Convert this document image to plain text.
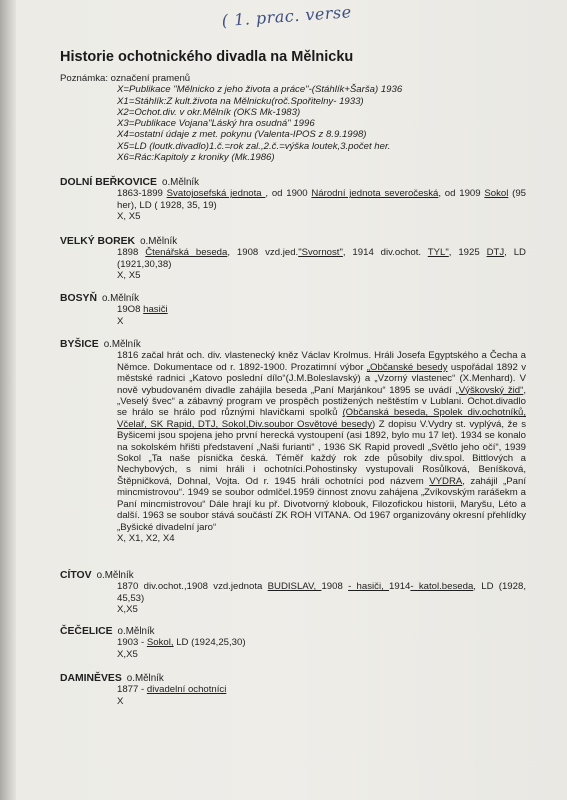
( 1. prac. verse
Historie ochotnického divadla na Mělnicku
Poznámka: označení pramenů
X=Publikace "Mělnicko z jeho života a práce"-(Stáhlík+Šarša) 1936
X1=Stáhlík:Z kult.života na Mělnicku(roč.Spořitelny- 1933)
X2=Ochot.div. v okr.Mělník (OKS Mk-1983)
X3=Publikace Vojana"Láský hra osudná" 1996
X4=ostatní údaje z met. pokynu (Valenta-IPOS z 8.9.1998)
X5=LD (loutk.divadlo)1.č.=rok zal.,2.č.=výška loutek,3.počet her.
X6=Rác:Kapitoly z kroniky (Mk.1986)
DOLNÍ BEŘKOVICE o.Mělník
1863-1899 Svatojosefská jednota , od 1900 Národní jednota severočeská, od 1909 Sokol (95 her), LD ( 1928, 35, 19)
X, X5
VELKÝ BOREK o.Mělník
1898 Čtenářská beseda, 1908 vzd.jed."Svornost", 1914 div.ochot. TYL", 1925 DTJ, LD (1921,30,38)
X, X5
BOSYŇ o.Mělník
19O8 hasiči
X
BYŠICE o.Mělník
1816 začal hrát och. div. vlastenecký kněz Václav Krolmus. Hráli Josefa Egyptského a Čecha a Němce. Dokumentace od r. 1892-1900. Prozatimní výbor „Občanské besedy uspořádal 1892 v městské radnici „Katovo poslední dílo“(J.M.Boleslavský) a „Vzorný vlastenec“ (X.Menhard). V nově vybudovaném divadle zahájila beseda „Paní Marjánkou“ 1895 se uvádí „Výškovský žid“, „Veselý švec“ a zábavný program ve prospěch postižených neštěstím v Lublani. Ochot.divadlo se hrálo se hrálo pod různými hlavičkami spolků (Občanská beseda, Spolek div.ochotníků, Včelař, SK Rapid, DTJ, Sokol,Div.soubor Osvětové besedy) Z dopisu V.Vydry st. vyplývá, že s Byšicemi jsou spojena jeho první herecká vystoupení (asi 1892, bylo mu 17 let). 1934 se konalo na sokolském hřišti představení „Naši furianti“ , 1936 SK Rapid provedl „Světlo jeho očí“, 1939 Sokol „Ta naše písnička česká. Téměř každý rok zde působily div.spol. Bittlových a Nechybových, s nimi hráli i ochotníci.Pohostinsky vystupovali Rosůlková, Beníšková, Štěpničková, Dohnal, Vojta. Od r. 1945 hráli ochotníci pod názvem VYDRA, zahájil „Paní mincmistrovou“. 1949 se soubor odmlčel.1959 činnost znovu zahájena „Zvíkovským rarášekm a Paní mincmistrovou“ Dále hrají ku př. Divotvorný klobouk, Filozofickou historii, Maryšu, Léto a další. 1963 se soubor stává součástí ZK ROH VITANA. Od 1967 organizovány okresní přehlídky „Byšické divadelní jaro“
X, X1, X2, X4
CÍTOV o.Mělník
1870 div.ochot.,1908 vzd.jednota BUDISLAV, 1908 - hasiči, 1914- katol.beseda, LD (1928, 45,53)
X,X5
ČEČELICE o.Mělník
1903 - Sokol, LD (1924,25,30)
X,X5
DAMINĚVES o.Mělník
1877 - divadelní ochotníci
X
